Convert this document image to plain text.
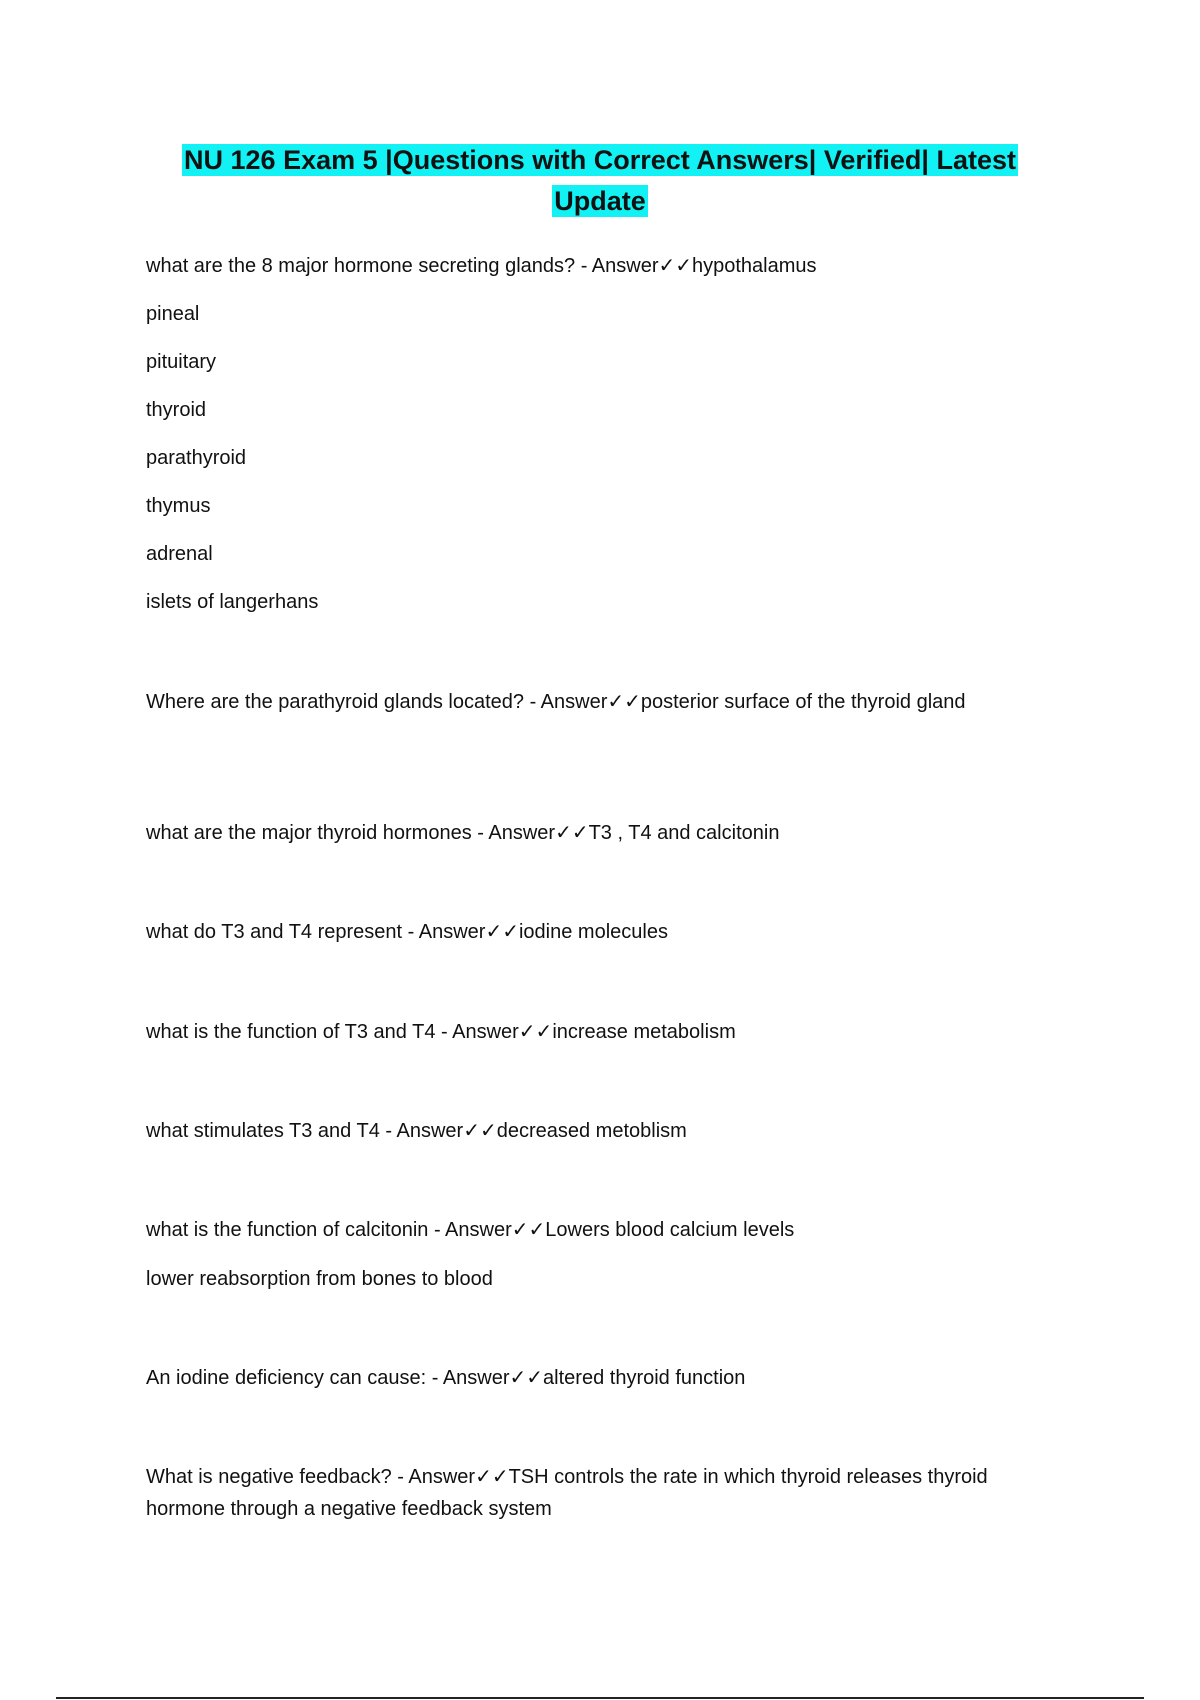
NU 126 Exam 5 |Questions with Correct Answers| Verified| Latest
Update
what are the 8 major hormone secreting glands? - Answer✓✓hypothalamus
pineal
pituitary
thyroid
parathyroid
thymus
adrenal
islets of langerhans
Where are the parathyroid glands located? - Answer✓✓posterior surface of the thyroid gland
what are the major thyroid hormones - Answer✓✓T3 , T4 and calcitonin
what do T3 and T4 represent - Answer✓✓iodine molecules
what is the function of T3 and T4 - Answer✓✓increase metabolism
what stimulates T3 and T4 - Answer✓✓decreased metoblism
what is the function of calcitonin - Answer✓✓Lowers blood calcium levels
lower reabsorption from bones to blood
An iodine deficiency can cause: - Answer✓✓altered thyroid function
What is negative feedback? - Answer✓✓TSH controls the rate in which thyroid releases thyroid hormone through a negative feedback system
